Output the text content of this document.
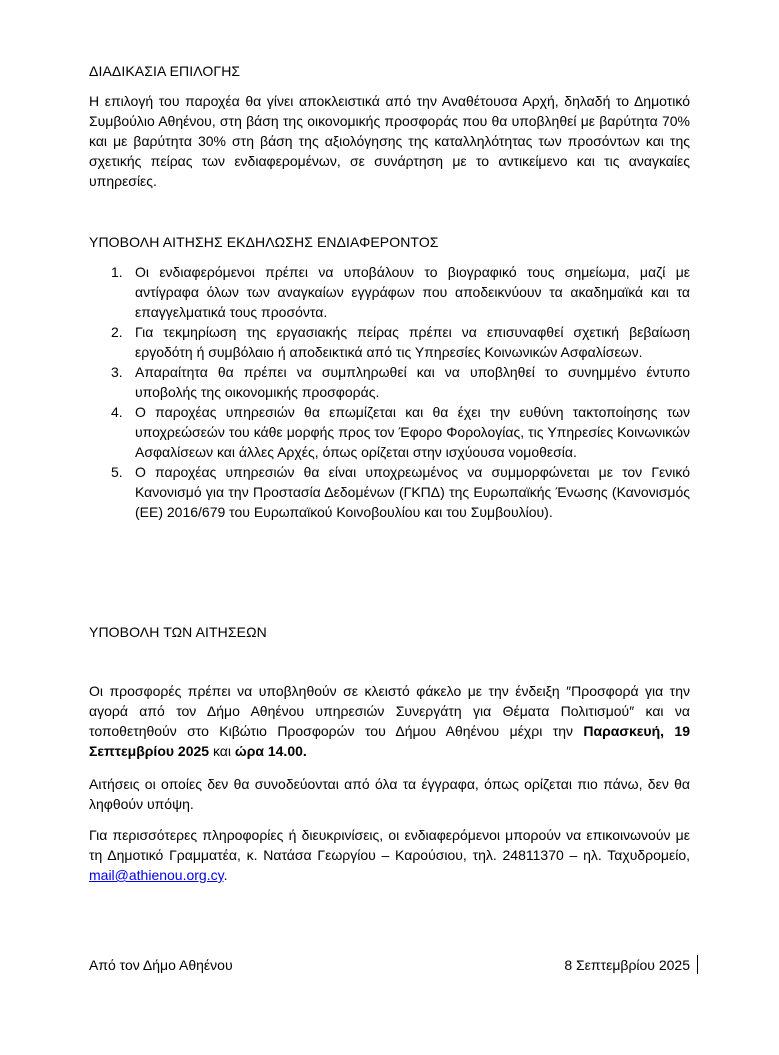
ΔΙΑΔΙΚΑΣΙΑ ΕΠΙΛΟΓΗΣ
Η επιλογή του παροχέα θα γίνει αποκλειστικά από την Αναθέτουσα Αρχή, δηλαδή το Δημοτικό Συμβούλιο Αθηένου, στη βάση της οικονομικής προσφοράς που θα υποβληθεί με βαρύτητα 70% και με βαρύτητα 30% στη βάση της αξιολόγησης της καταλληλότητας των προσόντων και της σχετικής πείρας των ενδιαφερομένων, σε συνάρτηση με το αντικείμενο και τις αναγκαίες υπηρεσίες.
ΥΠΟΒΟΛΗ ΑΙΤΗΣΗΣ ΕΚΔΗΛΩΣΗΣ ΕΝΔΙΑΦΕΡΟΝΤΟΣ
1. Οι ενδιαφερόμενοι πρέπει να υποβάλουν το βιογραφικό τους σημείωμα, μαζί με αντίγραφα όλων των αναγκαίων εγγράφων που αποδεικνύουν τα ακαδημαϊκά και τα επαγγελματικά τους προσόντα.
2. Για τεκμηρίωση της εργασιακής πείρας πρέπει να επισυναφθεί σχετική βεβαίωση εργοδότη ή συμβόλαιο ή αποδεικτικά από τις Υπηρεσίες Κοινωνικών Ασφαλίσεων.
3. Απαραίτητα θα πρέπει να συμπληρωθεί και να υποβληθεί το συνημμένο έντυπο υποβολής της οικονομικής προσφοράς.
4. Ο παροχέας υπηρεσιών θα επωμίζεται και θα έχει την ευθύνη τακτοποίησης των υποχρεώσεών του κάθε μορφής προς τον Έφορο Φορολογίας, τις Υπηρεσίες Κοινωνικών Ασφαλίσεων και άλλες Αρχές, όπως ορίζεται στην ισχύουσα νομοθεσία.
5. Ο παροχέας υπηρεσιών θα είναι υποχρεωμένος να συμμορφώνεται με τον Γενικό Κανονισμό για την Προστασία Δεδομένων (ΓΚΠΔ) της Ευρωπαϊκής Ένωσης (Κανονισμός (ΕΕ) 2016/679 του Ευρωπαϊκού Κοινοβουλίου και του Συμβουλίου).
ΥΠΟΒΟΛΗ ΤΩΝ ΑΙΤΗΣΕΩΝ
Οι προσφορές πρέπει να υποβληθούν σε κλειστό φάκελο με την ένδειξη ″Προσφορά για την αγορά από τον Δήμο Αθηένου υπηρεσιών Συνεργάτη για Θέματα Πολιτισμού″ και να τοποθετηθούν στο Κιβώτιο Προσφορών του Δήμου Αθηένου μέχρι την Παρασκευή, 19 Σεπτεμβρίου 2025 και ώρα 14.00.
Αιτήσεις οι οποίες δεν θα συνοδεύονται από όλα τα έγγραφα, όπως ορίζεται πιο πάνω, δεν θα ληφθούν υπόψη.
Για περισσότερες πληροφορίες ή διευκρινίσεις, οι ενδιαφερόμενοι μπορούν να επικοινωνούν με τη Δημοτικό Γραμματέα, κ. Νατάσα Γεωργίου – Καρούσιου, τηλ. 24811370 – ηλ. Ταχυδρομείο, mail@athienou.org.cy.
Από τον Δήμο Αθηένου	8 Σεπτεμβρίου 2025
